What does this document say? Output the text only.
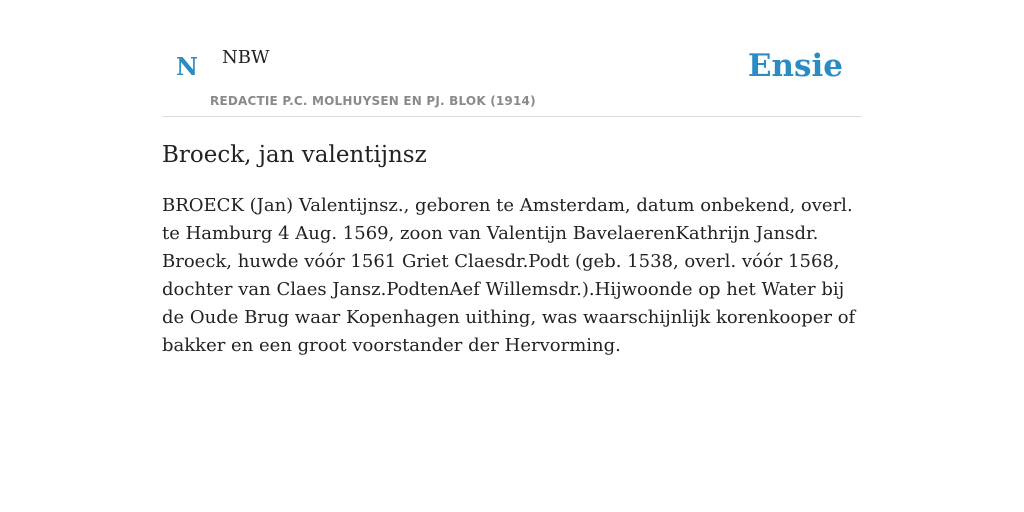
N NBW
REDACTIE P.C. MOLHUYSEN EN PJ. BLOK (1914)
Ensie
Broeck, jan valentijnsz

BROECK (Jan) Valentijnsz., geboren te Amsterdam, datum onbekend, overl. te Hamburg 4 Aug. 1569, zoon van Valentijn BavelaerenKathrijn Jansdr. Broeck, huwde vóór 1561 Griet Claesdr.Podt (geb. 1538, overl. vóór 1568, dochter van Claes Jansz.PodtenAef Willemsdr.).Hijwoonde op het Water bij de Oude Brug waar Kopenhagen uithing, was waarschijnlijk korenkooper of bakker en een groot voorstander der Hervorming.
